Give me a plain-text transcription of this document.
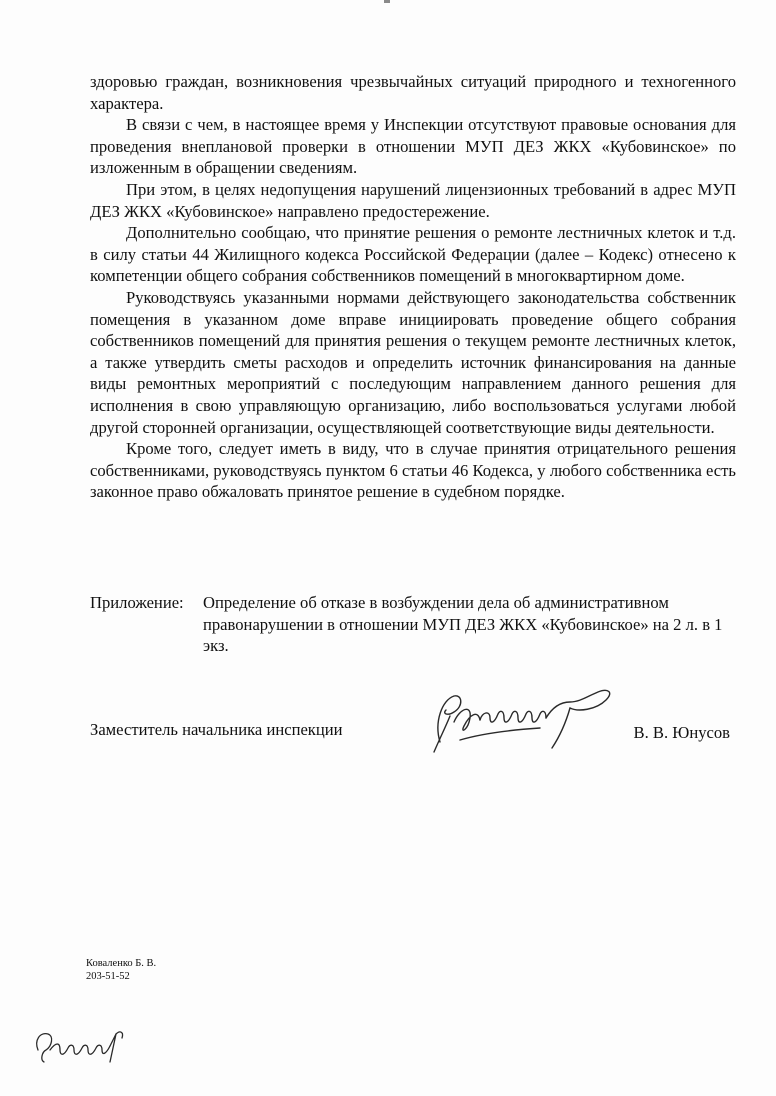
здоровью граждан, возникновения чрезвычайных ситуаций природного и техногенного характера.

В связи с чем, в настоящее время у Инспекции отсутствуют правовые основания для проведения внеплановой проверки в отношении МУП ДЕЗ ЖКХ «Кубовинское» по изложенным в обращении сведениям.

При этом, в целях недопущения нарушений лицензионных требований в адрес МУП ДЕЗ ЖКХ «Кубовинское» направлено предостережение.

Дополнительно сообщаю, что принятие решения о ремонте лестничных клеток и т.д. в силу статьи 44 Жилищного кодекса Российской Федерации (далее – Кодекс) отнесено к компетенции общего собрания собственников помещений в многоквартирном доме.

Руководствуясь указанными нормами действующего законодательства собственник помещения в указанном доме вправе инициировать проведение общего собрания собственников помещений для принятия решения о текущем ремонте лестничных клеток, а также утвердить сметы расходов и определить источник финансирования на данные виды ремонтных мероприятий с последующим направлением данного решения для исполнения в свою управляющую организацию, либо воспользоваться услугами любой другой сторонней организации, осуществляющей соответствующие виды деятельности.

Кроме того, следует иметь в виду, что в случае принятия отрицательного решения собственниками, руководствуясь пунктом 6 статьи 46 Кодекса, у любого собственника есть законное право обжаловать принятое решение в судебном порядке.

Приложение: Определение об отказе в возбуждении дела об административном правонарушении в отношении МУП ДЕЗ ЖКХ «Кубовинское» на 2 л. в 1 экз.
Заместитель начальника инспекции	В. В. Юнусов
Коваленко Б. В.
203-51-52
